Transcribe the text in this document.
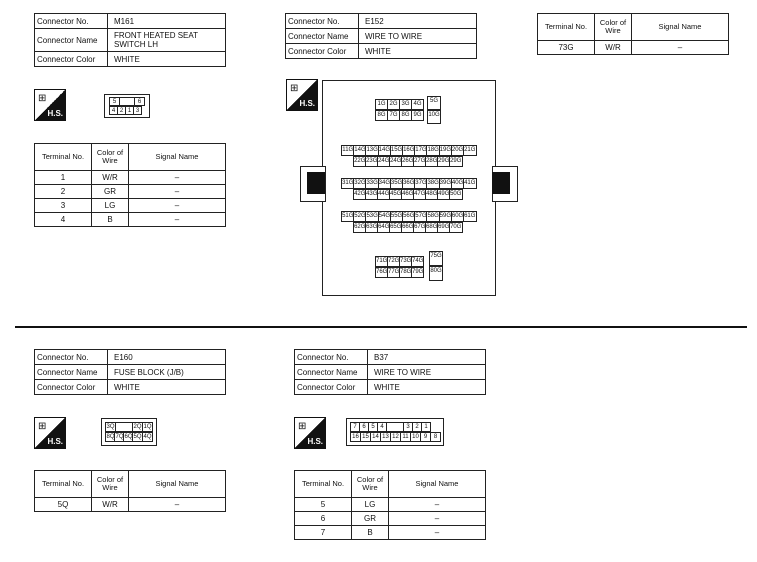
Connector No.	M161
Connector Name	FRONT HEATED SEAT SWITCH LH
Connector Color	WHITE
⊞
H.S.
5	6
4 2 1 3
Terminal No.	Color of Wire	Signal Name
1	W/R	–
2	GR	–
3	LG	–
4	B	–
Connector No.	E152
Connector Name	WIRE TO WIRE
Connector Color	WHITE
Terminal No.	Color of Wire	Signal Name
73G	W/R	–
⊞
H.S.
Connector No.	E160
Connector Name	FUSE BLOCK (J/B)
Connector Color	WHITE
⊞
H.S.
3Q	2Q 1Q
8Q 7Q 6Q 5Q 4Q
Terminal No.	Color of Wire	Signal Name
5Q	W/R	–
Connector No.	B37
Connector Name	WIRE TO WIRE
Connector Color	WHITE
⊞
H.S.
7 6 5 4	3 2 1
16 15 14 13 12 11 10 9	8
Terminal No.	Color of Wire	Signal Name
5	LG	–
6	GR	–
7	B	–
1G 2G 3G 4G
8G 7G 8G 9G
5G
10G
11G 14G 13G 14G 15G 16G 17G 18G 19G 20G 21G
22G 23G 24G 24G 26G 27G 28G 29G 29G
31G 32G 33G 34G 35G 36G 37G 38G 39G 40G 41G
42G 43G 44G 45G 46G 47G 48G 49G 50G
51G 52G 53G 54G 55G 56G 57G 58G 59G 60G 61G
62G 63G 64G 65G 66G 67G 68G 69G 70G
71G 72G 73G 74G
76G 77G 78G 79G
75G
80G
